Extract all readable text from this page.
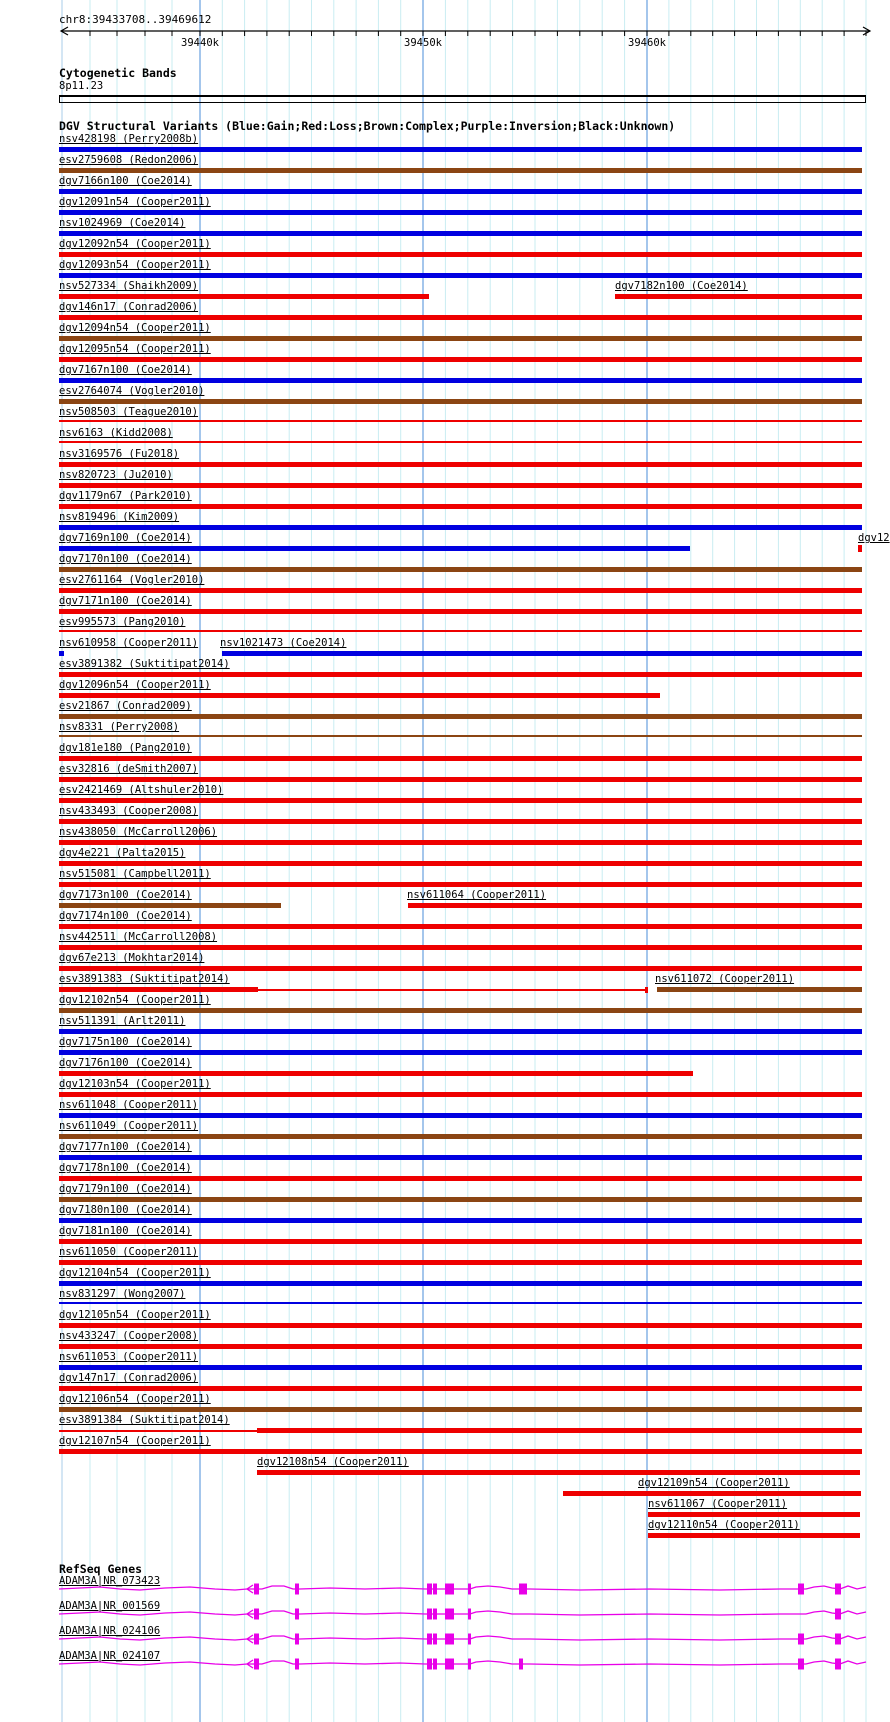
chr8:39433708..39469612
Cytogenetic Bands
8p11.23
DGV Structural Variants (Blue:Gain;Red:Loss;Brown:Complex;Purple:Inversion;Black:Unknown)
nsv428198 (Perry2008b)
esv2759608 (Redon2006)
dgv7166n100 (Coe2014)
dgv12091n54 (Cooper2011)
nsv1024969 (Coe2014)
dgv12092n54 (Cooper2011)
dgv12093n54 (Cooper2011)
nsv527334 (Shaikh2009)	dgv7182n100 (Coe2014)
dgv146n17 (Conrad2006)
dgv12094n54 (Cooper2011)
dgv12095n54 (Cooper2011)
dgv7167n100 (Coe2014)
esv2764074 (Vogler2010)
nsv508503 (Teague2010)
nsv6163 (Kidd2008)
nsv3169576 (Fu2018)
nsv820723 (Ju2010)
dgv1179n67 (Park2010)
nsv819496 (Kim2009)
dgv7169n100 (Coe2014)	dgv12
dgv7170n100 (Coe2014)
esv2761164 (Vogler2010)
dgv7171n100 (Coe2014)
esv995573 (Pang2010)
nsv610958 (Cooper2011) nsv1021473 (Coe2014)
esv3891382 (Suktitipat2014)
dgv12096n54 (Cooper2011)
esv21867 (Conrad2009)
nsv8331 (Perry2008)
dgv181e180 (Pang2010)
esv32816 (deSmith2007)
esv2421469 (Altshuler2010)
nsv433493 (Cooper2008)
nsv438050 (McCarroll2006)
dgv4e221 (Palta2015)
nsv515081 (Campbell2011)
dgv7173n100 (Coe2014)	nsv611064 (Cooper2011)
dgv7174n100 (Coe2014)
nsv442511 (McCarroll2008)
dgv67e213 (Mokhtar2014)
esv3891383 (Suktitipat2014)	nsv611072 (Cooper2011)
dgv12102n54 (Cooper2011)
nsv511391 (Arlt2011)
dgv7175n100 (Coe2014)
dgv7176n100 (Coe2014)
dgv12103n54 (Cooper2011)
nsv611048 (Cooper2011)
nsv611049 (Cooper2011)
dgv7177n100 (Coe2014)
dgv7178n100 (Coe2014)
dgv7179n100 (Coe2014)
dgv7180n100 (Coe2014)
dgv7181n100 (Coe2014)
nsv611050 (Cooper2011)
dgv12104n54 (Cooper2011)
nsv831297 (Wong2007)
dgv12105n54 (Cooper2011)
nsv433247 (Cooper2008)
nsv611053 (Cooper2011)
dgv147n17 (Conrad2006)
dgv12106n54 (Cooper2011)
esv3891384 (Suktitipat2014)
dgv12107n54 (Cooper2011)
dgv12108n54 (Cooper2011)
dgv12109n54 (Cooper2011)
nsv611067 (Cooper2011)
dgv12110n54 (Cooper2011)
RefSeq Genes
ADAM3A|NR_073423
ADAM3A|NR_001569
ADAM3A|NR_024106
ADAM3A|NR_024107
39440k	39450k	39460k
